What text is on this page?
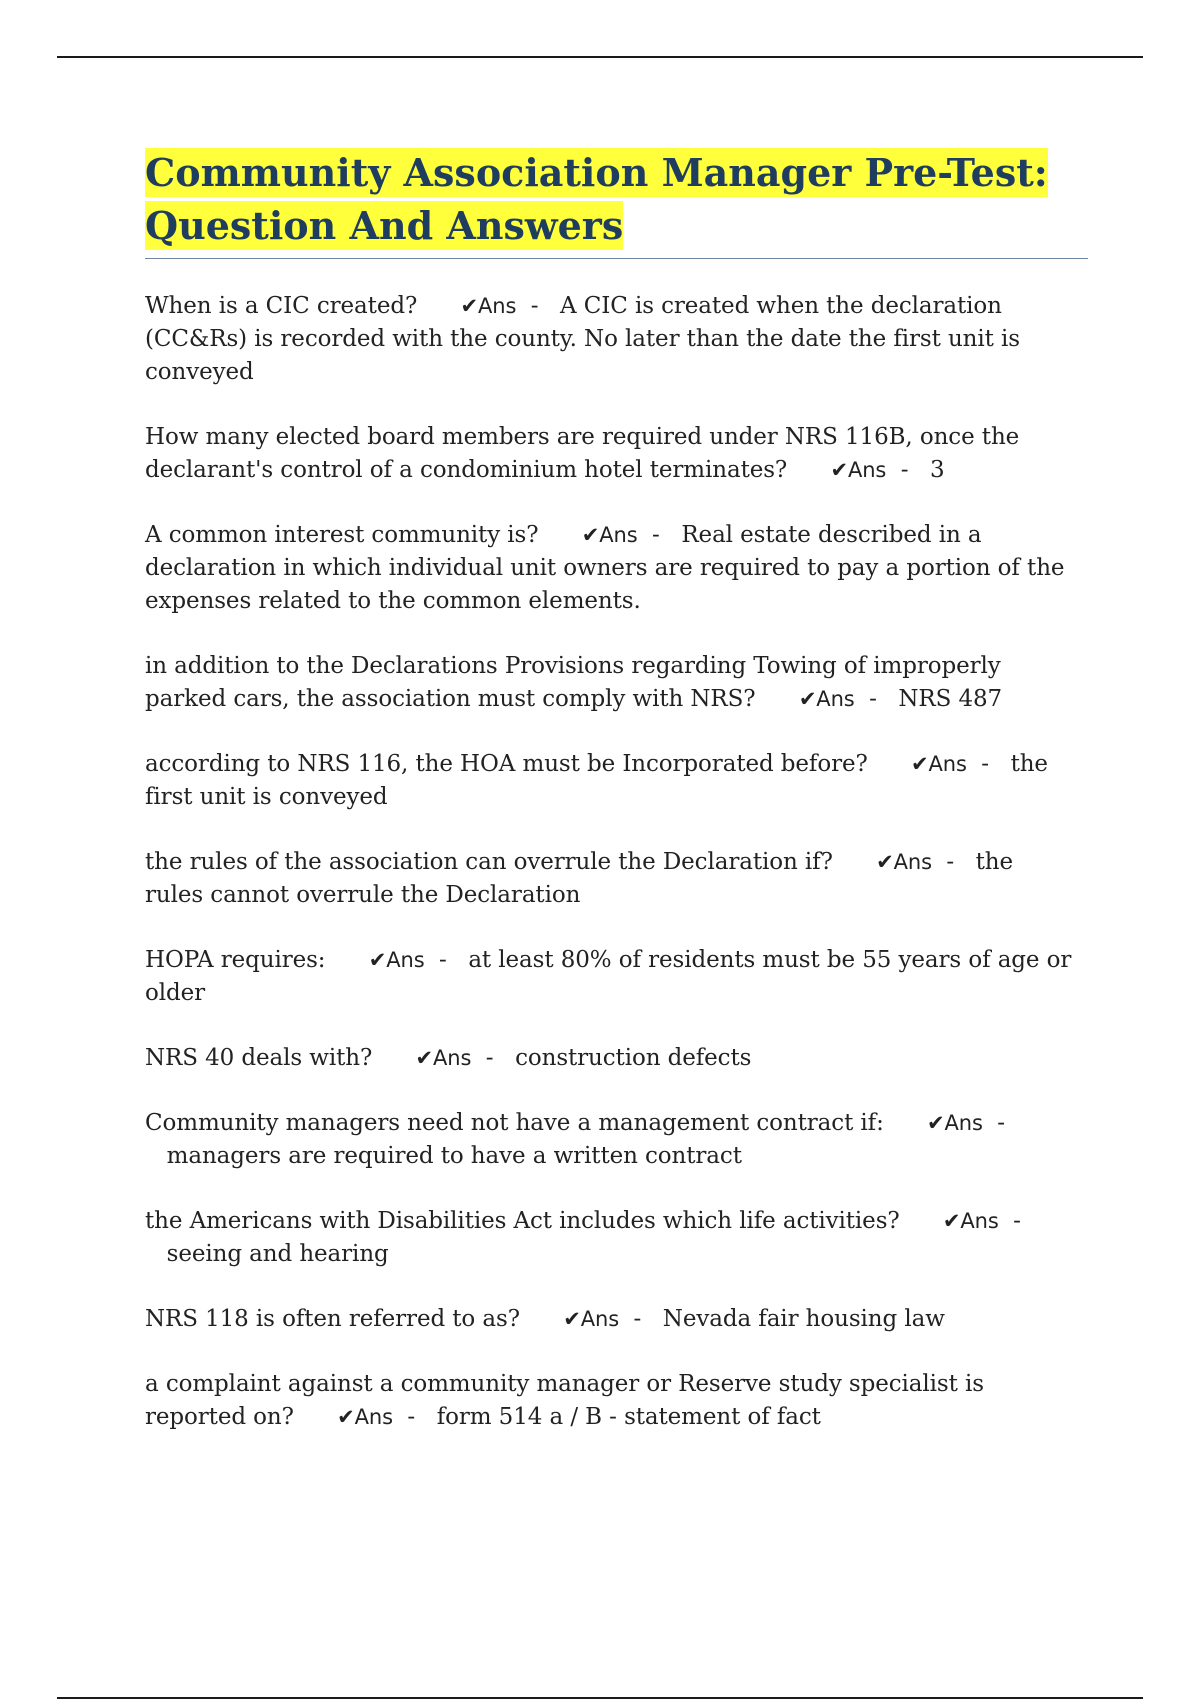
Community Association Manager Pre-Test:
Question And Answers
When is a CIC created? ✔Ans - A CIC is created when the declaration (CC&Rs) is recorded with the county. No later than the date the first unit is conveyed
How many elected board members are required under NRS 116B, once the declarant's control of a condominium hotel terminates? ✔Ans - 3
A common interest community is? ✔Ans - Real estate described in a declaration in which individual unit owners are required to pay a portion of the expenses related to the common elements.
in addition to the Declarations Provisions regarding Towing of improperly parked cars, the association must comply with NRS? ✔Ans - NRS 487
according to NRS 116, the HOA must be Incorporated before? ✔Ans - the first unit is conveyed
the rules of the association can overrule the Declaration if? ✔Ans - the rules cannot overrule the Declaration
HOPA requires: ✔Ans - at least 80% of residents must be 55 years of age or older
NRS 40 deals with? ✔Ans - construction defects
Community managers need not have a management contract if: ✔Ans -   managers are required to have a written contract
the Americans with Disabilities Act includes which life activities? ✔Ans -   seeing and hearing
NRS 118 is often referred to as? ✔Ans - Nevada fair housing law
a complaint against a community manager or Reserve study specialist is reported on? ✔Ans - form 514 a / B - statement of fact
